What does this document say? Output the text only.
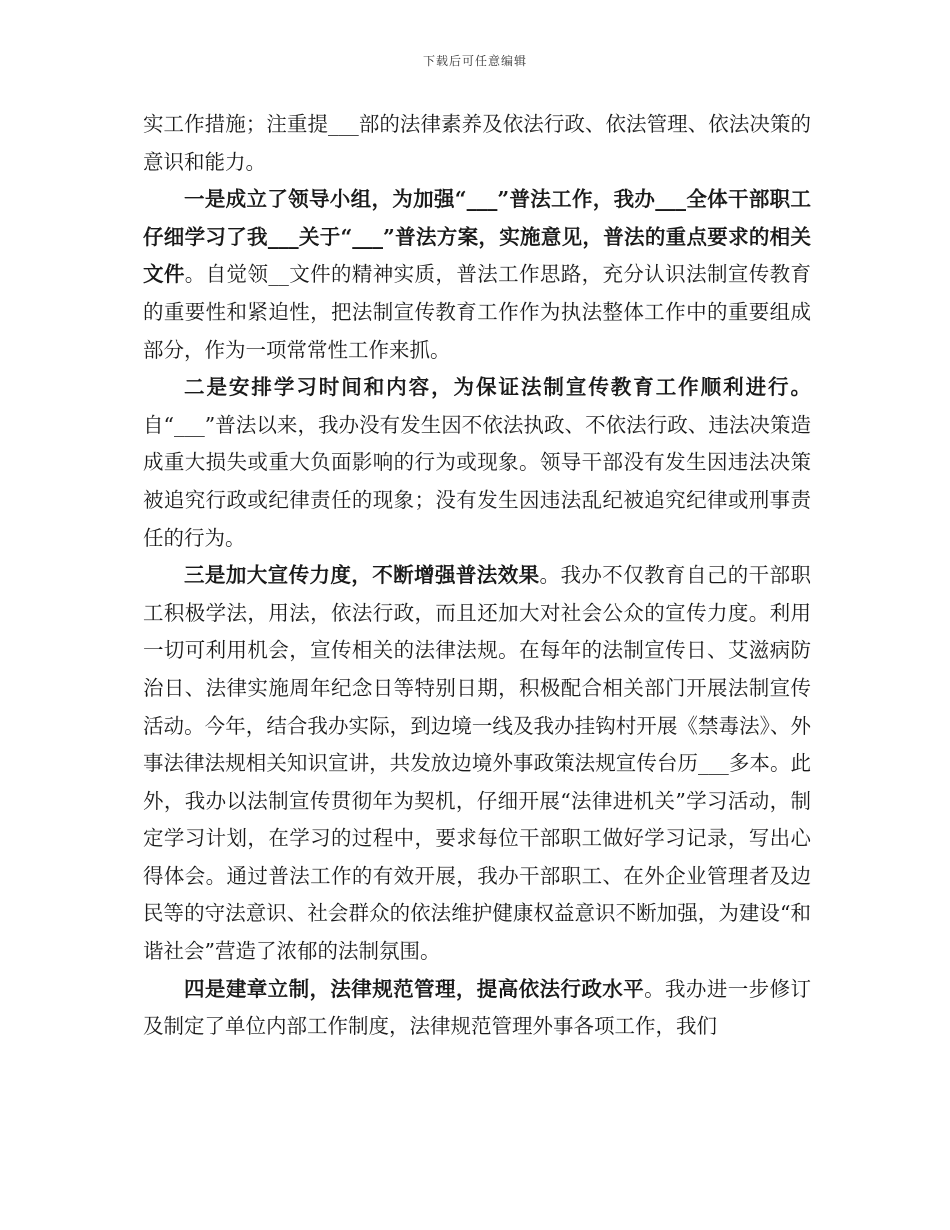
下载后可任意编辑

实工作措施；注重提___部的法律素养及依法行政、依法管理、依法决策的意识和能力。

一是成立了领导小组，为加强“___”普法工作，我办___全体干部职工仔细学习了我___关于“___”普法方案，实施意见，普法的重点要求的相关文件。自觉领__文件的精神实质，普法工作思路，充分认识法制宣传教育的重要性和紧迫性，把法制宣传教育工作作为执法整体工作中的重要组成部分，作为一项常常性工作来抓。

二是安排学习时间和内容，为保证法制宣传教育工作顺利进行。自“___”普法以来，我办没有发生因不依法执政、不依法行政、违法决策造成重大损失或重大负面影响的行为或现象。领导干部没有发生因违法决策被追究行政或纪律责任的现象；没有发生因违法乱纪被追究纪律或刑事责任的行为。

三是加大宣传力度，不断增强普法效果。我办不仅教育自己的干部职工积极学法，用法，依法行政，而且还加大对社会公众的宣传力度。利用一切可利用机会，宣传相关的法律法规。在每年的法制宣传日、艾滋病防治日、法律实施周年纪念日等特别日期，积极配合相关部门开展法制宣传活动。今年，结合我办实际，到边境一线及我办挂钩村开展《禁毒法》、外事法律法规相关知识宣讲，共发放边境外事政策法规宣传台历___多本。此外，我办以法制宣传贯彻年为契机，仔细开展“法律进机关”学习活动，制定学习计划，在学习的过程中，要求每位干部职工做好学习记录，写出心得体会。通过普法工作的有效开展，我办干部职工、在外企业管理者及边民等的守法意识、社会群众的依法维护健康权益意识不断加强，为建设“和谐社会”营造了浓郁的法制氛围。

四是建章立制，法律规范管理，提高依法行政水平。我办进一步修订及制定了单位内部工作制度，法律规范管理外事各项工作，我们
